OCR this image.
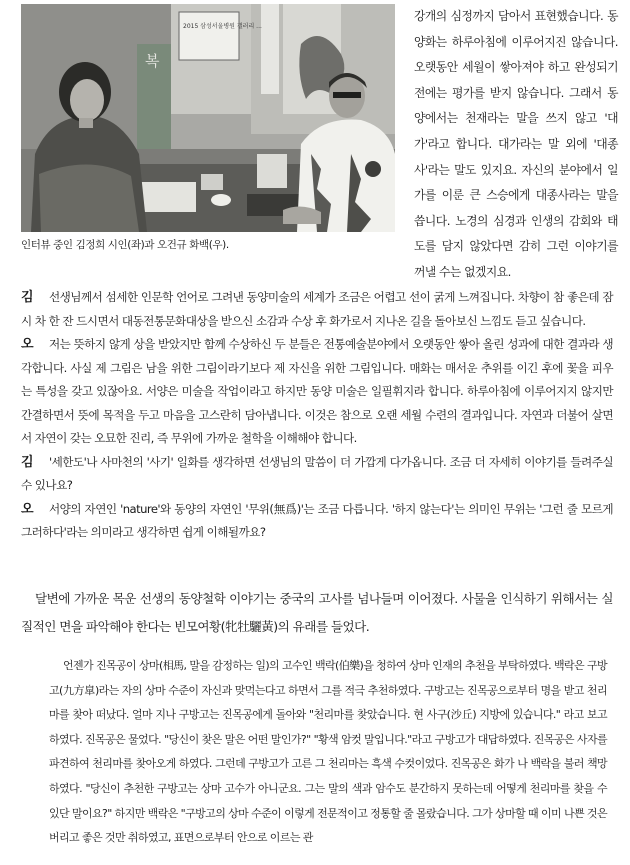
2015 삼성서울병원 갤러리 ...
복
인터뷰 중인 김정희 시인(좌)과 오건규 화백(우).
강개의 심정까지 담아서 표현했습니다. 동양화는 하루아침에 이루어지진 않습니다. 오랫동안 세월이 쌓아져야 하고 완성되기 전에는 평가를 받지 않습니다. 그래서 동양에서는 천재라는 말을 쓰지 않고 '대가'라고 합니다. 대가라는 말 외에 '대종사'라는 말도 있지요. 자신의 분야에서 일가를 이룬 큰 스승에게 대종사라는 말을 씁니다. 노경의 심경과 인생의 감회와 태도를 담지 않았다면 감히 그런 이야기를 꺼낼 수는 없겠지요.

김 선생님께서 섬세한 인문학 언어로 그려낸 동양미술의 세계가 조금은 어렵고 선이 굵게 느껴집니다. 차향이 참 좋은데 잠시 차 한 잔 드시면서 대동전통문화대상을 받으신 소감과 수상 후 화가로서 지나온 길을 돌아보신 느낌도 듣고 싶습니다.

오 저는 뜻하지 않게 상을 받았지만 함께 수상하신 두 분들은 전통예술분야에서 오랫동안 쌓아 올린 성과에 대한 결과라 생각합니다. 사실 제 그림은 남을 위한 그림이라기보다 제 자신을 위한 그림입니다. 매화는 매서운 추위를 이긴 후에 꽃을 피우는 특성을 갖고 있잖아요. 서양은 미술을 작업이라고 하지만 동양 미술은 일필휘지라 합니다. 하루아침에 이루어지지 않지만 간결하면서 뜻에 목적을 두고 마음을 고스란히 담아냅니다. 이것은 참으로 오랜 세월 수련의 결과입니다. 자연과 더불어 살면서 자연이 갖는 오묘한 진리, 즉 무위에 가까운 철학을 이해해야 합니다.

김 '세한도'나 사마천의 '사기' 일화를 생각하면 선생님의 말씀이 더 가깝게 다가옵니다. 조금 더 자세히 이야기를 들려주실 수 있나요?

오 서양의 자연인 'nature'와 동양의 자연인 '무위(無爲)'는 조금 다릅니다. '하지 않는다'는 의미인 무위는 '그런 줄 모르게 그러하다'라는 의미라고 생각하면 쉽게 이해될까요?

달변에 가까운 목운 선생의 동양철학 이야기는 중국의 고사를 넘나들며 이어졌다. 사물을 인식하기 위해서는 실질적인 면을 파악해야 한다는 빈모여황(牝牡驪黃)의 유래를 들었다.

언젠가 진목공이 상마(相馬, 말을 감정하는 일)의 고수인 백락(伯樂)을 청하여 상마 인재의 추천을 부탁하였다. 백락은 구방고(九方皐)라는 자의 상마 수준이 자신과 맞먹는다고 하면서 그를 적극 추천하였다. 구방고는 진목공으로부터 명을 받고 천리마를 찾아 떠났다. 얼마 지나 구방고는 진목공에게 돌아와 "천리마를 찾았습니다. 현 사구(沙丘) 지방에 있습니다." 라고 보고하였다. 진목공은 물었다. "당신이 찾은 말은 어떤 말인가?" "황색 암컷 말입니다."라고 구방고가 대답하였다. 진목공은 사자를 파견하여 천리마를 찾아오게 하였다. 그런데 구방고가 고른 그 천리마는 흑색 수컷이었다. 진목공은 화가 나 백락을 불러 책망하였다. "당신이 추천한 구방고는 상마 고수가 아니군요. 그는 말의 색과 암수도 분간하지 못하는데 어떻게 천리마를 찾을 수 있단 말이요?" 하지만 백락은 "구방고의 상마 수준이 이렇게 전문적이고 정통할 줄 몰랐습니다. 그가 상마할 때 이미 나쁜 것은 버리고 좋은 것만 취하였고, 표면으로부터 안으로 이르는 관
